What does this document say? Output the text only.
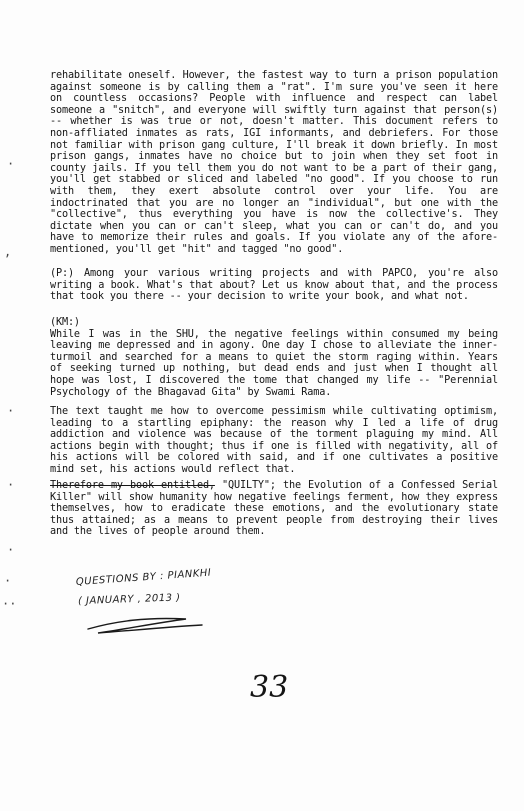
rehabilitate oneself. However, the fastest way to turn a prison population against someone is by calling them a "rat". I'm sure you've seen it here on countless occasions? People with influence and respect can label someone a "snitch", and everyone will swiftly turn against that person(s) -- whether is was true or not, doesn't matter. This document refers to non-affliated inmates as rats, IGI informants, and debriefers. For those not familiar with prison gang culture, I'll break it down briefly. In most prison gangs, inmates have no choice but to join when they set foot in county jails. If you tell them you do not want to be a part of their gang, you'll get stabbed or sliced and labeled "no good". If you choose to run with them, they exert absolute control over your life. You are indoctrinated that you are no longer an "individual", but one with the "collective", thus everything you have is now the collective's. They dictate when you can or can't sleep, what you can or can't do, and you have to memorize their rules and goals. If you violate any of the afore-mentioned, you'll get "hit" and tagged "no good".
(P:) Among your various writing projects and with PAPCO, you're also writing a book. What's that about? Let us know about that, and the process that took you there -- your decision to write your book, and what not.
(KM:)
While I was in the SHU, the negative feelings within consumed my being leaving me depressed and in agony. One day I chose to alleviate the inner-turmoil and searched for a means to quiet the storm raging within. Years of seeking turned up nothing, but dead ends and just when I thought all hope was lost, I discovered the tome that changed my life -- "Perennial Psychology of the Bhagavad Gita" by Swami Rama.
The text taught me how to overcome pessimism while cultivating optimism, leading to a startling epiphany: the reason why I led a life of drug addiction and violence was because of the torment plaguing my mind. All actions begin with thought; thus if one is filled with negativity, all of his actions will be colored with said, and if one cultivates a positive mind set, his actions would reflect that.
Therefore my book entitled, "QUILTY"; the Evolution of a Confessed Serial Killer" will show humanity how negative feelings ferment, how they express themselves, how to eradicate these emotions, and the evolutionary state thus attained; as a means to prevent people from destroying their lives and the lives of people around them.
·
,
·
·
·
·
··
QUESTIONS BY : PIANKHI
( JANUARY , 2013 )
33
